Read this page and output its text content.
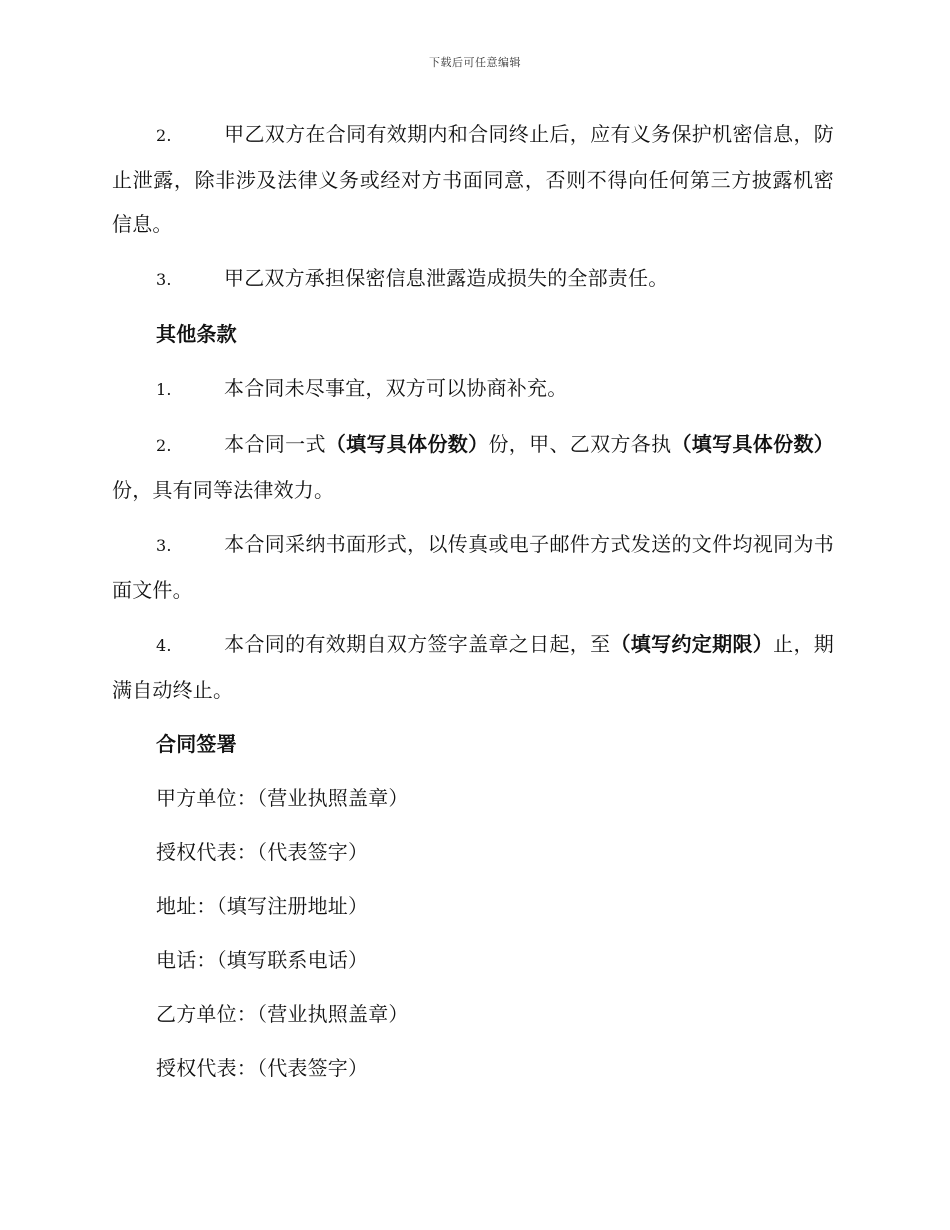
下载后可任意编辑

2.	甲乙双方在合同有效期内和合同终止后，应有义务保护机密信息，防止泄露，除非涉及法律义务或经对方书面同意，否则不得向任何第三方披露机密信息。

3.	甲乙双方承担保密信息泄露造成损失的全部责任。

其他条款

1.	本合同未尽事宜，双方可以协商补充。

2.	本合同一式（填写具体份数）份，甲、乙双方各执（填写具体份数）份，具有同等法律效力。

3.	本合同采纳书面形式，以传真或电子邮件方式发送的文件均视同为书面文件。

4.	本合同的有效期自双方签字盖章之日起，至（填写约定期限）止，期满自动终止。

合同签署
甲方单位：（营业执照盖章）
授权代表：（代表签字）
地址：（填写注册地址）
电话：（填写联系电话）
乙方单位：（营业执照盖章）
授权代表：（代表签字）
